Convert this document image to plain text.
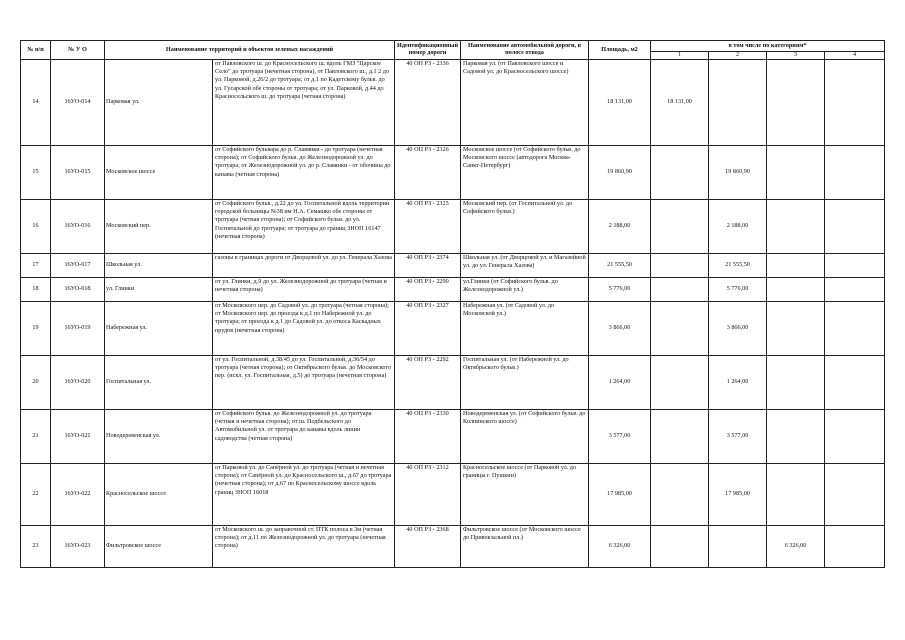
№ п/п	№ У О	Наименование территорий и объектов зеленых насаждений		Идентификационный номер дороги	Наименование автомобильной дороги, в полосе отвода	Площадь, м2	в том числе по категориям*			
							1	2	3	4
14	16УО-014	Парковая ул.	от Павловского ш. до Красносельского ш. вдоль ГМЗ "Царское Село" до тротуара (нечетная сторона), от Павловского ш., д.1 2 до ул. Парковой, д.26/2 до тротуара; от д.1 по Кадетскому бульв. до ул. Гусарской обе стороны от тротуара; от ул. Парковой, д.44 до Красносельского ш. до тротуара (четная сторона)	40 ОП РЗ - 2336	Парковая ул. (от Павловского шоссе и Садовой ул. до Красносельского шоссе)	18 131,00	18 131,00			
15	16УО-015	Московское шоссе	от Софийского бульвара до р. Славянки - до тротуара (нечетная сторона); от Софийского бульв. до Железнодорожной ул. до тротуара; от Железнодорожной ул. до р. Славянки - от обочины до канавы (четная сторона)	40 ОП РЗ - 2326	Московское шоссе (от Софийского бульв. до Московского шоссе (автодорога Москва-Санкт-Петербург)	19 860,90		19 860,90		
16	16УО-016	Московский пер.	от Софийского бульв., д.22 до ул. Госпитальной вдоль территории городской больницы №38 им Н.А. Семашко обе стороны от тротуара (четная сторона); от Софийского бульв. до ул. Госпитальной до тротуара; от тротуара до границ ЗНОП 16147 (нечетная сторона)	40 ОП РЗ - 2325	Московский пер. (от Госпитальной ул. до Софийского бульв.)	2 188,00		2 188,00		
17	16УО-017	Школьная ул.	газоны в границах дороги от Дворцовой ул. до ул. Генерала Хазова	40 ОП РЗ - 2374	Школьная ул. (от Дворцовой ул. и Магазейной ул. до ул. Генерала Хазова)	21 555,50		21 555,50		
18	16УО-018	ул. Глинки	от ул. Глинки, д.9 до ул. Железнодорожной до тротуара (четная и нечетная сторона)	40 ОП РЗ - 2290	ул.Глинки (от Софийского бульв. до Железнодорожной ул.)	5 776,00		5 776,00		
19	16УО-019	Набережная ул.	от Московского пер. до Садовой ул. до тротуара (четная сторона); от Московского пер. до проезда к д.1 по Набережной ул. до тротуара; от проезда к д.1 до Садовой ул. до откоса Каскадных прудов (нечетная сторона)	40 ОП РЗ - 2327	Набережная ул. (от Садовой ул. до Московской ул.)	3 866,00		3 866,00		
20	16УО-020	Госпитальная ул.	от ул. Госпитальной, д.38/45 до ул. Госпитальной, д.36/54 до тротуара (четная сторона); от Октябрьского бульв. до Московского пер. (искл. ул. Госпитальная, д.5) до тротуара (нечетная сторона)	40 ОП РЗ - 2292	Госпитальная ул. (от Набережной ул. до Октябрьского бульв.)	1 264,00		1 264,00		
21	16УО-021	Новодеревенская ул.	от Софийского бульв. до Железнодорожной ул. до тротуара (четная и нечетная сторона); от ш. Подбельского до Автомобильной ул. от тротуара до канавы вдоль линии садоводства (четная сторона)	40 ОП РЗ - 2330	Новодеревенская ул. (от Софийского бульв. до Колпинского шоссе)	3 577,00		3 577,00		
22	16УО-022	Красносельское шоссе	от Парковой ул. до Сапёрной ул. до тротуара (четная и нечетная сторона); от Сапёрной ул. до Красносельского ш., д.67 до тротуара (нечетная сторона); от д.67 по Красносельскому шоссе вдоль границ ЗНОП 16018	40 ОП РЗ - 2312	Красносельское шоссе (от Парковой ул. до границы г. Пушкин)	17 985,00		17 985,00		
23	16УО-023	Фильтровское шоссе	от Московского ш. до заправочной ст. ПТК полоса в 3м (четная сторона); от д.11 по Железнодорожной ул. до тротуара (нечетная сторона)	40 ОП РЗ - 2368	Фильтровское шоссе (от Московского шоссе до Привокзальной пл.)	6 326,00			6 326,00	
